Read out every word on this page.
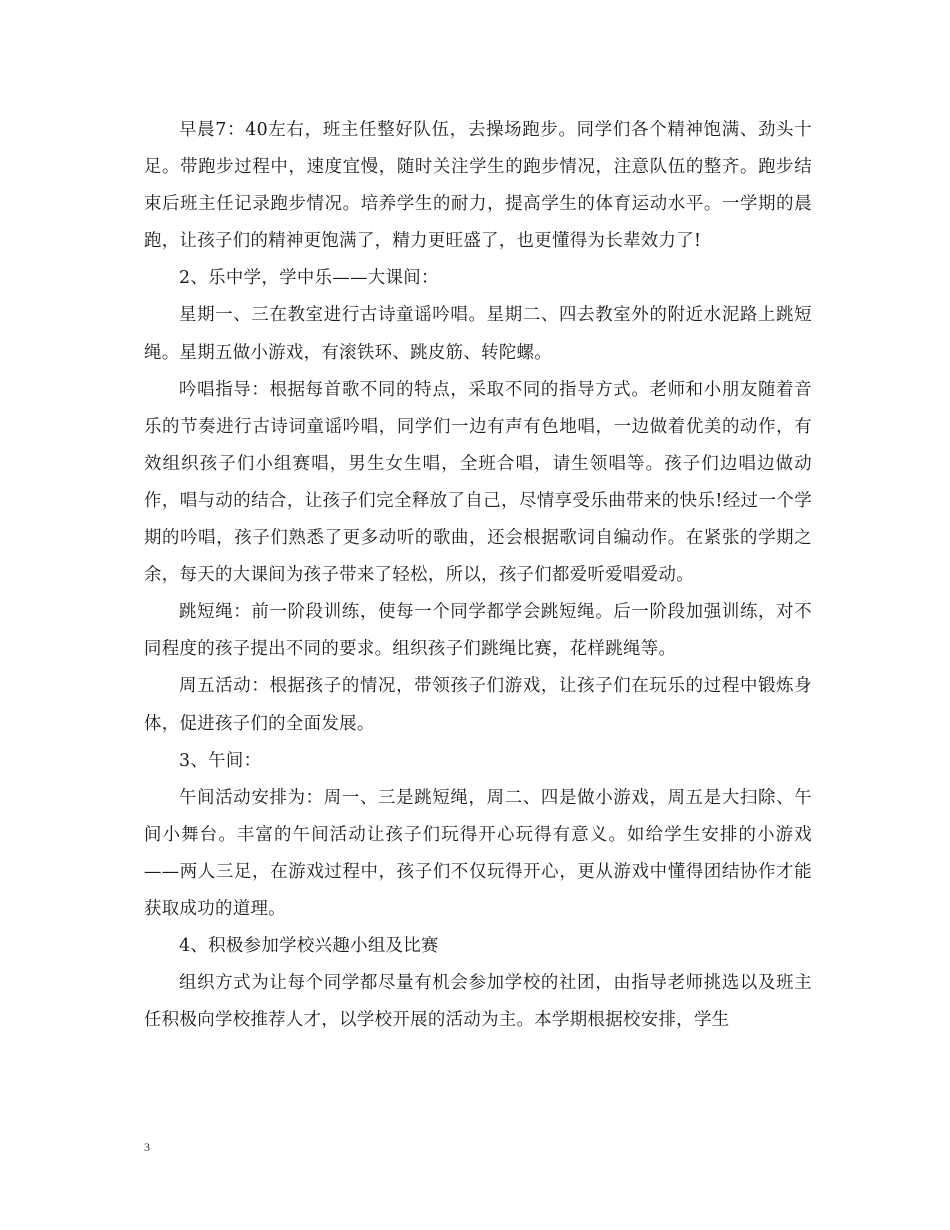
早晨7：40左右，班主任整好队伍，去操场跑步。同学们各个精神饱满、劲头十足。带跑步过程中，速度宜慢，随时关注学生的跑步情况，注意队伍的整齐。跑步结束后班主任记录跑步情况。培养学生的耐力，提高学生的体育运动水平。一学期的晨跑，让孩子们的精神更饱满了，精力更旺盛了，也更懂得为长辈效力了!

2、乐中学，学中乐——大课间：

星期一、三在教室进行古诗童谣吟唱。星期二、四去教室外的附近水泥路上跳短绳。星期五做小游戏，有滚铁环、跳皮筋、转陀螺。

吟唱指导：根据每首歌不同的特点，采取不同的指导方式。老师和小朋友随着音乐的节奏进行古诗词童谣吟唱，同学们一边有声有色地唱，一边做着优美的动作，有效组织孩子们小组赛唱，男生女生唱，全班合唱，请生领唱等。孩子们边唱边做动作，唱与动的结合，让孩子们完全释放了自己，尽情享受乐曲带来的快乐!经过一个学期的吟唱，孩子们熟悉了更多动听的歌曲，还会根据歌词自编动作。在紧张的学期之余，每天的大课间为孩子带来了轻松，所以，孩子们都爱听爱唱爱动。

跳短绳：前一阶段训练，使每一个同学都学会跳短绳。后一阶段加强训练，对不同程度的孩子提出不同的要求。组织孩子们跳绳比赛，花样跳绳等。

周五活动：根据孩子的情况，带领孩子们游戏，让孩子们在玩乐的过程中锻炼身体，促进孩子们的全面发展。

3、午间：

午间活动安排为：周一、三是跳短绳，周二、四是做小游戏，周五是大扫除、午间小舞台。丰富的午间活动让孩子们玩得开心玩得有意义。如给学生安排的小游戏——两人三足，在游戏过程中，孩子们不仅玩得开心，更从游戏中懂得团结协作才能获取成功的道理。

4、积极参加学校兴趣小组及比赛

组织方式为让每个同学都尽量有机会参加学校的社团，由指导老师挑选以及班主任积极向学校推荐人才，以学校开展的活动为主。本学期根据校安排，学生

3
